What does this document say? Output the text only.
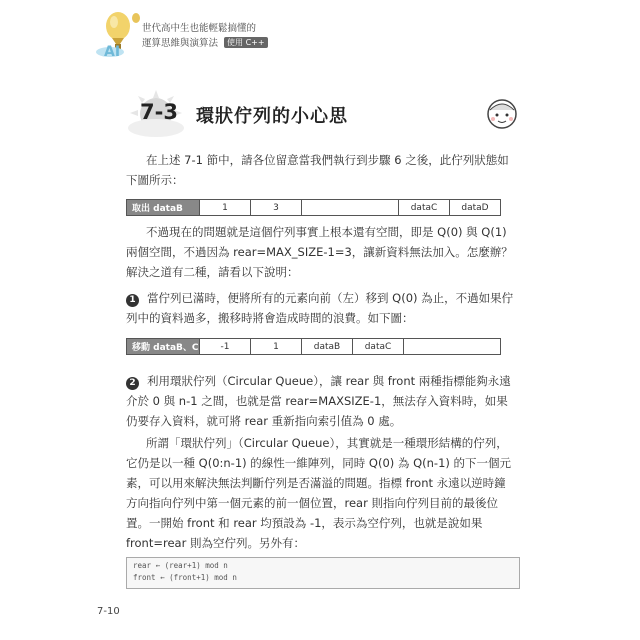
AI
世代高中生也能輕鬆搞懂的
運算思維與演算法 使用 C++
7-3 環狀佇列的小心思
在上述 7-1 節中，請各位留意當我們執行到步驟 6 之後，此佇列狀態如下圖所示：
取出 dataB	1	3		dataC	dataD
不過現在的問題就是這個佇列事實上根本還有空間，即是 Q(0) 與 Q(1) 兩個空間，不過因為 rear=MAX_SIZE-1=3，讓新資料無法加入。怎麼辦？解決之道有二種，請看以下說明：
1 當佇列已滿時，便將所有的元素向前（左）移到 Q(0) 為止，不過如果佇列中的資料過多，搬移時將會造成時間的浪費。如下圖：
移動 dataB、C	-1	1	dataB	dataC	
2 利用環狀佇列（Circular Queue），讓 rear 與 front 兩種指標能夠永遠介於 0 與 n-1 之間，也就是當 rear=MAXSIZE-1，無法存入資料時，如果仍要存入資料，就可將 rear 重新指向索引值為 0 處。
所謂「環狀佇列」（Circular Queue），其實就是一種環形結構的佇列，它仍是以一種 Q(0:n-1) 的線性一維陣列，同時 Q(0) 為 Q(n-1) 的下一個元素，可以用來解決無法判斷佇列是否滿溢的問題。指標 front 永遠以逆時鐘方向指向佇列中第一個元素的前一個位置，rear 則指向佇列目前的最後位置。一開始 front 和 rear 均預設為 -1，表示為空佇列，也就是說如果 front=rear 則為空佇列。另外有：
rear ← (rear+1) mod n
front ← (front+1) mod n
7-10
